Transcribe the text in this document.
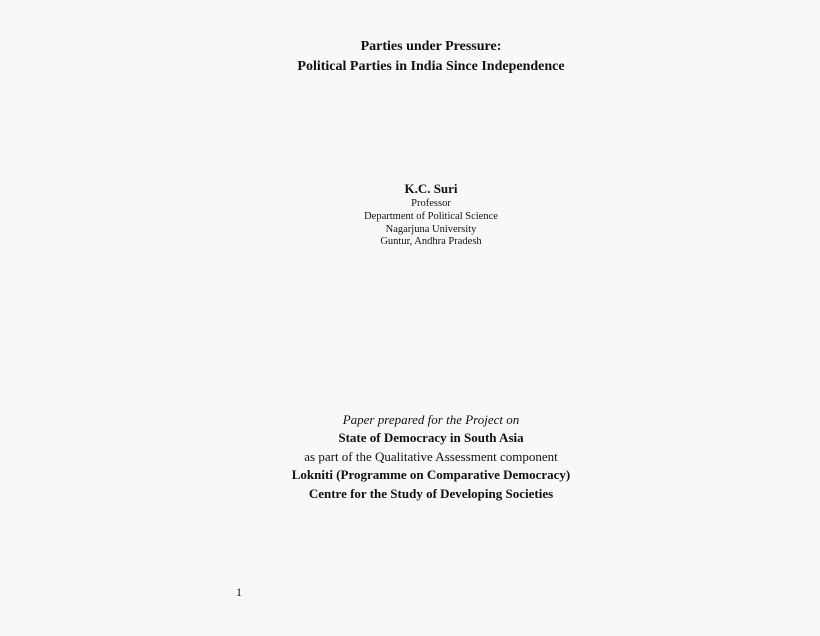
Parties under Pressure:
Political Parties in India Since Independence
K.C. Suri
Professor
Department of Political Science
Nagarjuna University
Guntur, Andhra Pradesh
Paper prepared for the Project on
State of Democracy in South Asia
as part of the Qualitative Assessment component
Lokniti (Programme on Comparative Democracy)
Centre for the Study of Developing Societies
1
